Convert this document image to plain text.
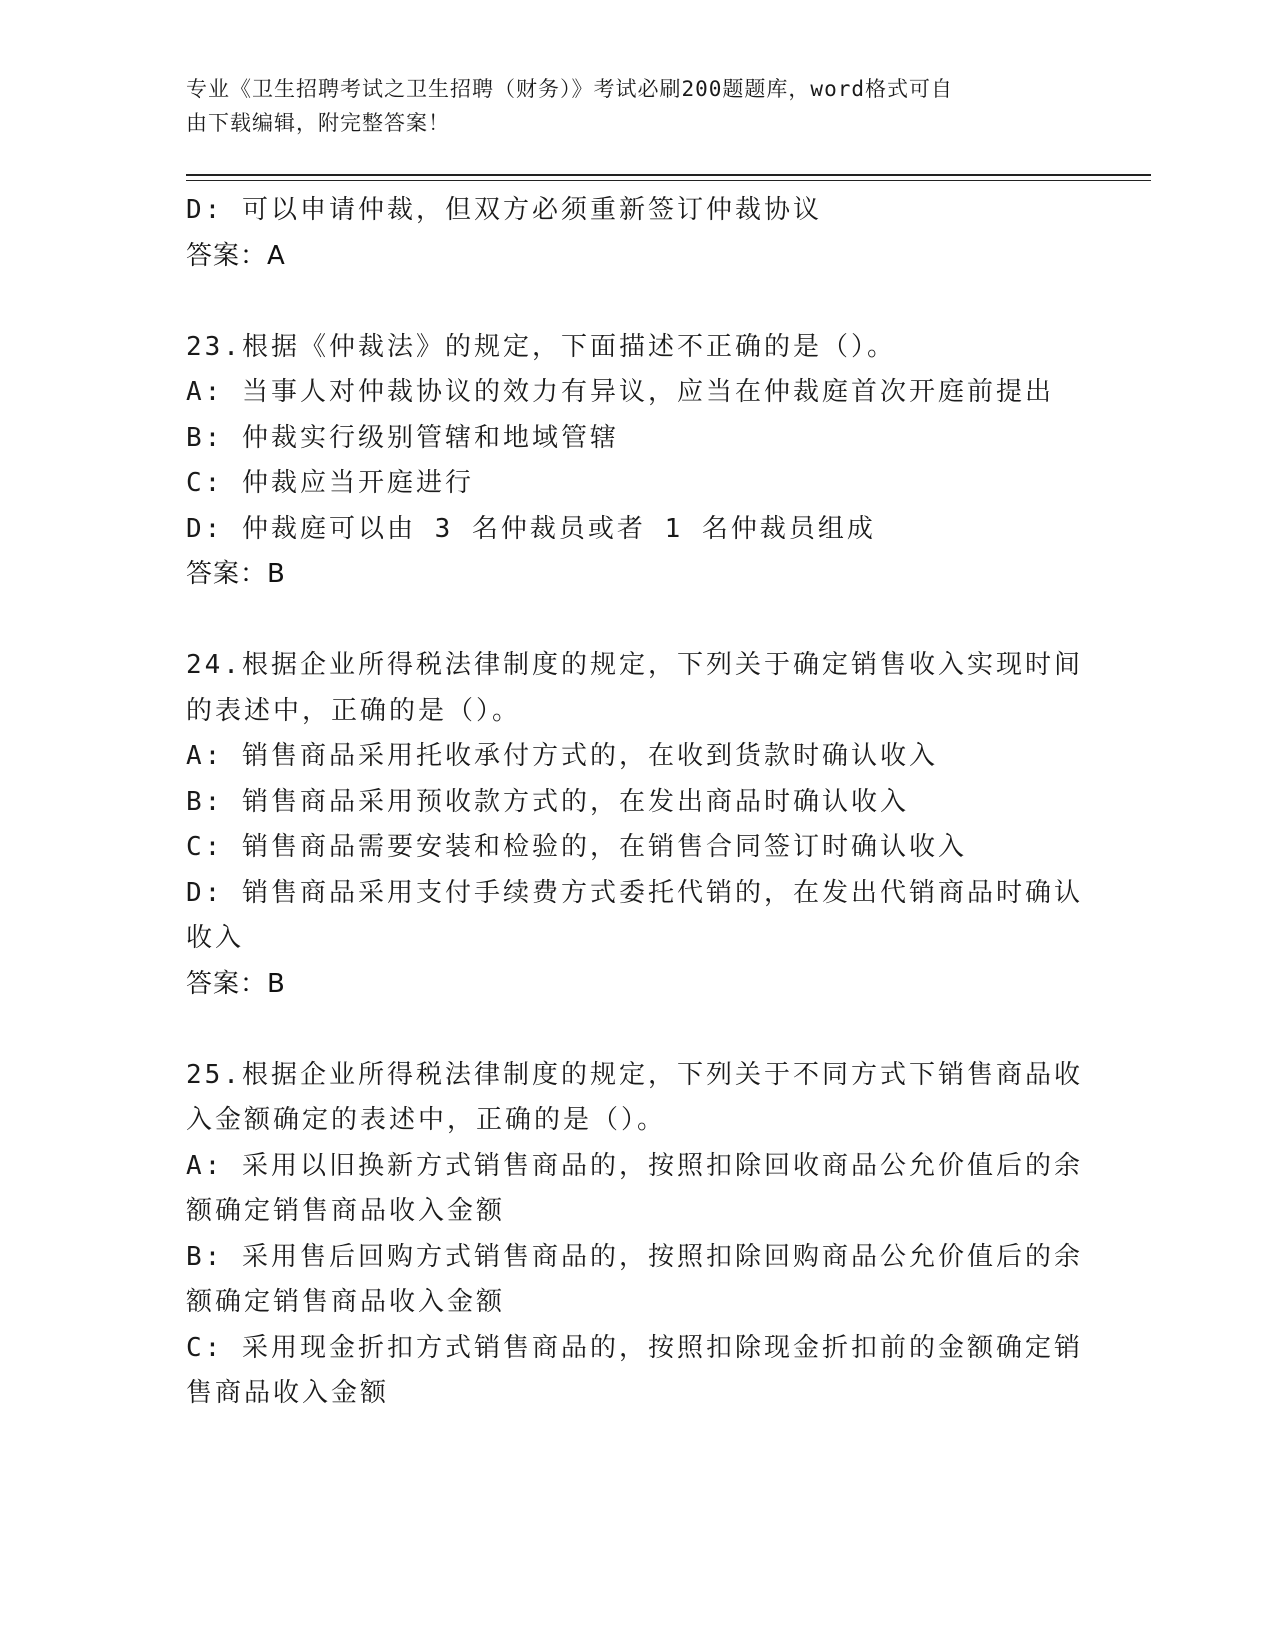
专业《卫生招聘考试之卫生招聘（财务）》考试必刷200题题库，word格式可自
由下载编辑，附完整答案！
D: 可以申请仲裁，但双方必须重新签订仲裁协议
答案：A
23.根据《仲裁法》的规定，下面描述不正确的是（）。
A: 当事人对仲裁协议的效力有异议，应当在仲裁庭首次开庭前提出
B: 仲裁实行级别管辖和地域管辖
C: 仲裁应当开庭进行
D: 仲裁庭可以由 3 名仲裁员或者 1 名仲裁员组成
答案：B
24.根据企业所得税法律制度的规定，下列关于确定销售收入实现时间
的表述中，正确的是（）。
A: 销售商品采用托收承付方式的，在收到货款时确认收入
B: 销售商品采用预收款方式的，在发出商品时确认收入
C: 销售商品需要安装和检验的，在销售合同签订时确认收入
D: 销售商品采用支付手续费方式委托代销的，在发出代销商品时确认
收入
答案：B
25.根据企业所得税法律制度的规定，下列关于不同方式下销售商品收
入金额确定的表述中，正确的是（）。
A: 采用以旧换新方式销售商品的，按照扣除回收商品公允价值后的余
额确定销售商品收入金额
B: 采用售后回购方式销售商品的，按照扣除回购商品公允价值后的余
额确定销售商品收入金额
C: 采用现金折扣方式销售商品的，按照扣除现金折扣前的金额确定销
售商品收入金额
